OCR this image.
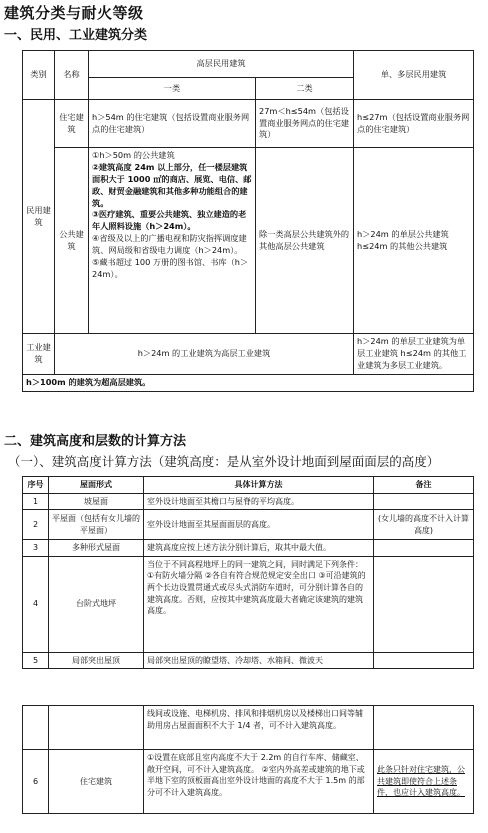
建筑分类与耐火等级
一、民用、工业建筑分类
类别	名称	高层民用建筑		单、多层民用建筑
		一类	二类	
民用建筑	住宅建筑	h＞54m 的住宅建筑（包括设置商业服务网点的住宅建筑）	27m＜h≤54m（包括设置商业服务网点的住宅建筑）	h≤27m（包括设置商业服务网点的住宅建筑）
	公共建筑	①h＞50m 的公共建筑
②建筑高度 24m 以上部分，任一楼层建筑面积大于 1000 ㎡的商店、展览、电信、邮政、财贸金融建筑和其他多种功能组合的建筑。
③医疗建筑、重要公共建筑、独立建造的老年人照料设施（h＞24m）。
④省级及以上的广播电视和防灾指挥调度建筑、网局级和省级电力调度（h＞24m）。
⑤藏书超过 100 万册的图书馆、书库（h＞24m）。	除一类高层公共建筑外的其他高层公共建筑	h＞24m 的单层公共建筑 h≤24m 的其他公共建筑
工业建筑	h＞24m 的工业建筑为高层工业建筑			h＞24m 的单层工业建筑为单层工业建筑 h≤24m 的其他工业建筑为多层工业建筑。
h＞100m 的建筑为超高层建筑。				
二、建筑高度和层数的计算方法
（一）、建筑高度计算方法（建筑高度：是从室外设计地面到屋面面层的高度）
序号	屋面形式	具体计算方法	备注
1	坡屋面	室外设计地面至其檐口与屋脊的平均高度。	
2	平屋面（包括有女儿墙的平屋面）	室外设计地面至其屋面面层的高度。	(女儿墙的高度不计入计算高度)
3	多种形式屋面	建筑高度应按上述方法分别计算后，取其中最大值。	
4	台阶式地坪	当位于不同高程地坪上的同一建筑之间，同时满足下列条件：①有防火墙分隔 ②各自有符合规范规定安全出口 ③可沿建筑的两个长边设置贯通式或尽头式消防车道时，可分别计算各自的建筑高度。否则，应按其中建筑高度最大者确定该建筑的建筑高度。	
5	局部突出屋顶	局部突出屋顶的瞭望塔、冷却塔、水箱间、微波天	
		线间或设施、电梯机房、排风和排烟机房以及楼梯出口间等辅助用房占屋面面积不大于 1/4 者，可不计入建筑高度。	
6	住宅建筑	①设置在底部且室内高度不大于 2.2m 的自行车库、储藏室、敞开空间，可不计入建筑高度。 ②室内外高差或建筑的地下或半地下室的顶板面高出室外设计地面的高度不大于 1.5m 的部分可不计入建筑高度。	此条只针对住宅建筑，公共建筑即使符合上述条件，也应计入建筑高度。
